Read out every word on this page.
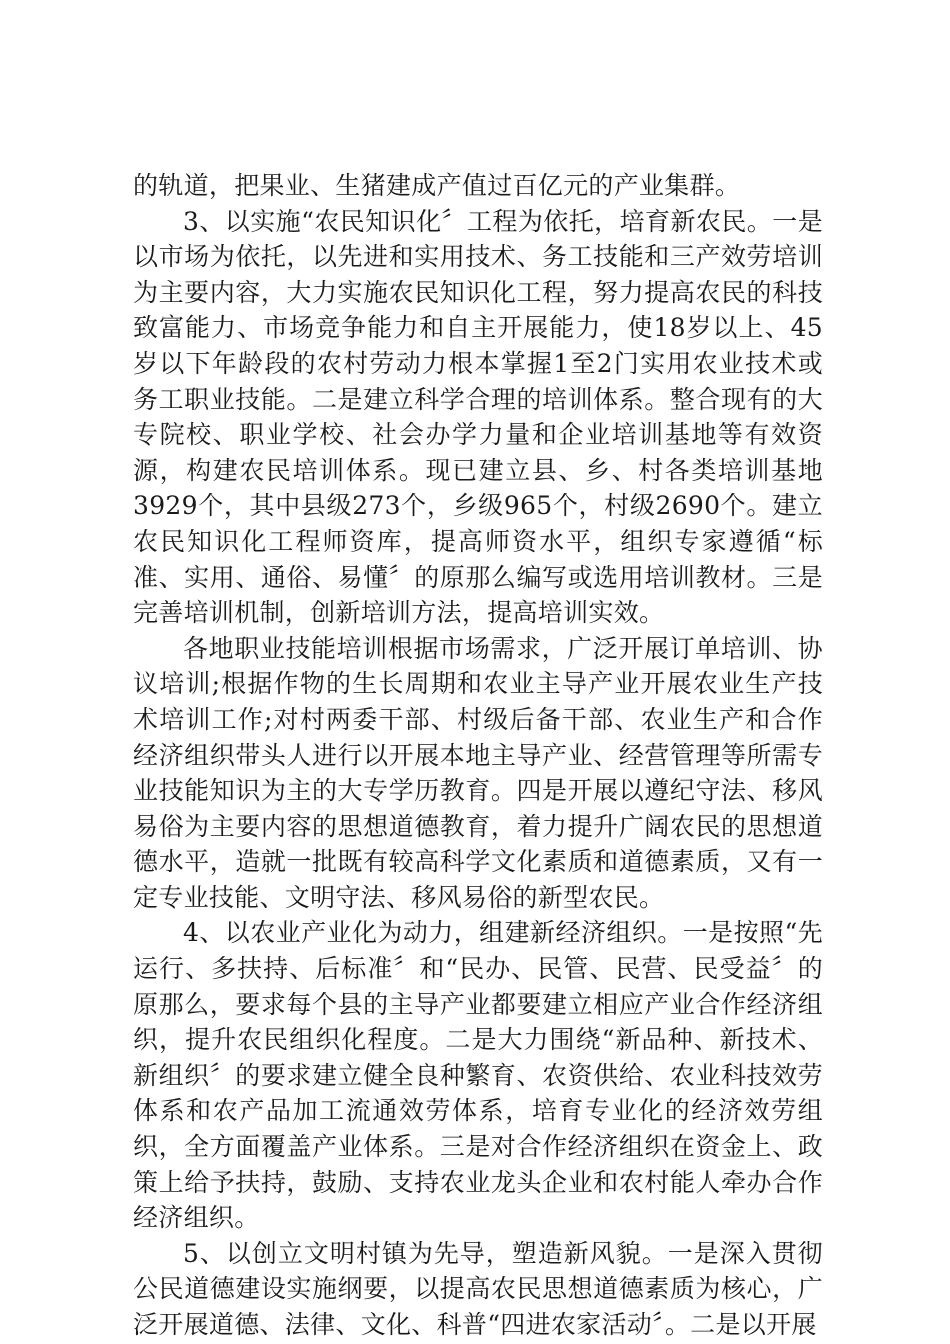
的轨道，把果业、生猪建成产值过百亿元的产业集群。

3、以实施“农民知识化〞工程为依托，培育新农民。一是以市场为依托，以先进和实用技术、务工技能和三产效劳培训为主要内容，大力实施农民知识化工程，努力提高农民的科技致富能力、市场竞争能力和自主开展能力，使18岁以上、45岁以下年龄段的农村劳动力根本掌握1至2门实用农业技术或务工职业技能。二是建立科学合理的培训体系。整合现有的大专院校、职业学校、社会办学力量和企业培训基地等有效资源，构建农民培训体系。现已建立县、乡、村各类培训基地3929个，其中县级273个，乡级965个，村级2690个。建立农民知识化工程师资库，提高师资水平，组织专家遵循“标准、实用、通俗、易懂〞的原那么编写或选用培训教材。三是完善培训机制，创新培训方法，提高培训实效。

各地职业技能培训根据市场需求，广泛开展订单培训、协议培训;根据作物的生长周期和农业主导产业开展农业生产技术培训工作;对村两委干部、村级后备干部、农业生产和合作经济组织带头人进行以开展本地主导产业、经营管理等所需专业技能知识为主的大专学历教育。四是开展以遵纪守法、移风易俗为主要内容的思想道德教育，着力提升广阔农民的思想道德水平，造就一批既有较高科学文化素质和道德素质，又有一定专业技能、文明守法、移风易俗的新型农民。

4、以农业产业化为动力，组建新经济组织。一是按照“先运行、多扶持、后标准〞和“民办、民管、民营、民受益〞的原那么，要求每个县的主导产业都要建立相应产业合作经济组织，提升农民组织化程度。二是大力围绕“新品种、新技术、新组织〞的要求建立健全良种繁育、农资供给、农业科技效劳体系和农产品加工流通效劳体系，培育专业化的经济效劳组织，全方面覆盖产业体系。三是对合作经济组织在资金上、政策上给予扶持，鼓励、支持农业龙头企业和农村能人牵办合作经济组织。

5、以创立文明村镇为先导，塑造新风貌。一是深入贯彻公民道德建设实施纲要，以提高农民思想道德素质为核心，广泛开展道德、法律、文化、科普“四进农家活动〞。二是以开展
